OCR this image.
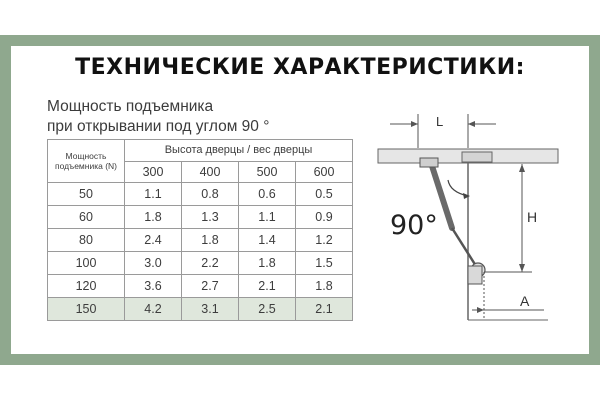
ТЕХНИЧЕСКИЕ ХАРАКТЕРИСТИКИ:
Мощность подъемника
при открывании под углом 90 °
Мощность подъемника (N)	Высота дверцы / вес дверцы			
	300	400	500	600
50	1.1	0.8	0.6	0.5
60	1.8	1.3	1.1	0.9
80	2.4	1.8	1.4	1.2
100	3.0	2.2	1.8	1.5
120	3.6	2.7	2.1	1.8
150	4.2	3.1	2.5	2.1
L
90°	H
A
